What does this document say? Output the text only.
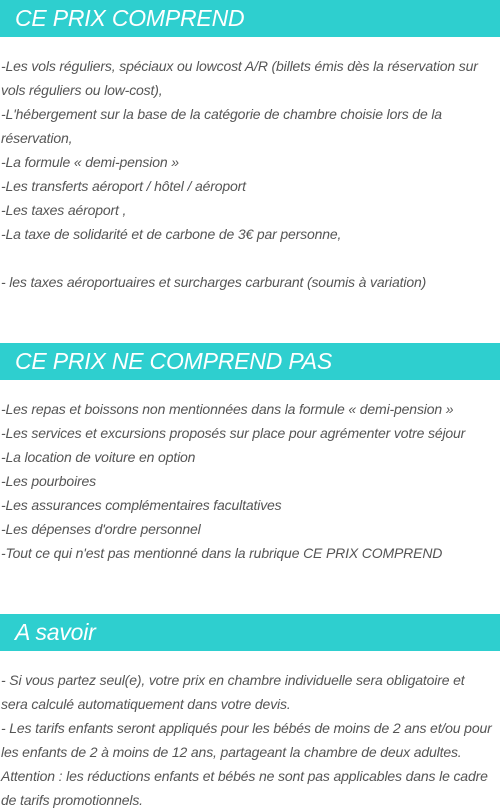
CE PRIX COMPREND
-Les vols réguliers, spéciaux ou lowcost A/R (billets émis dès la réservation sur
vols réguliers ou low-cost),
-L'hébergement sur la base de la catégorie de chambre choisie lors de la
réservation,
-La formule « demi-pension »
-Les transferts aéroport / hôtel / aéroport
-Les taxes aéroport ,
-La taxe de solidarité et de carbone de 3€ par personne,
- les taxes aéroportuaires et surcharges carburant (soumis à variation)
CE PRIX NE COMPREND PAS
-Les repas et boissons non mentionnées dans la formule « demi-pension »
-Les services et excursions proposés sur place pour agrémenter votre séjour
-La location de voiture en option
-Les pourboires
-Les assurances complémentaires facultatives
-Les dépenses d'ordre personnel
-Tout ce qui n'est pas mentionné dans la rubrique CE PRIX COMPREND
A savoir
- Si vous partez seul(e), votre prix en chambre individuelle sera obligatoire et
sera calculé automatiquement dans votre devis.
- Les tarifs enfants seront appliqués pour les bébés de moins de 2 ans et/ou pour
les enfants de 2 à moins de 12 ans, partageant la chambre de deux adultes.
Attention : les réductions enfants et bébés ne sont pas applicables dans le cadre
de tarifs promotionnels.
